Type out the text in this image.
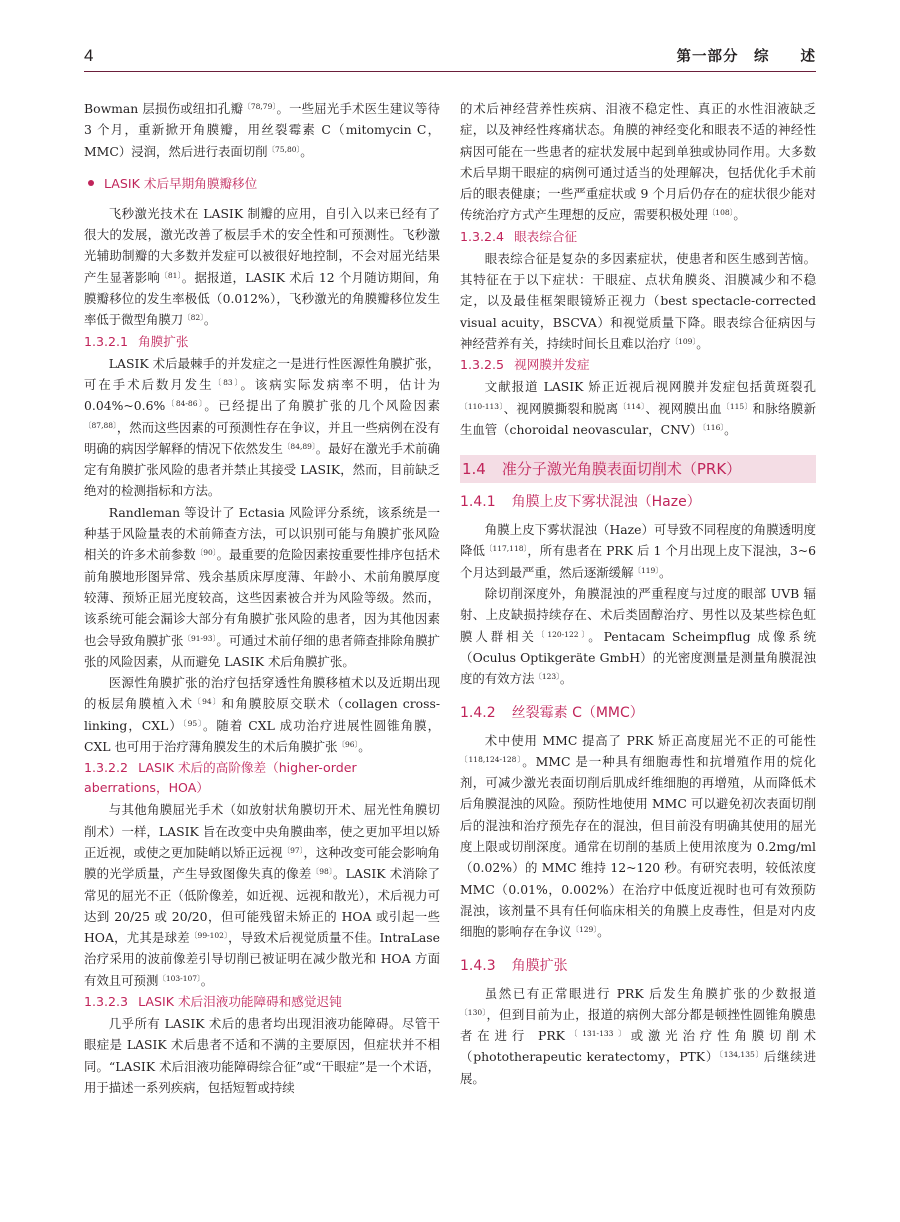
4	第一部分　综　　述

Bowman 层损伤或纽扣孔瓣$^{〔78,79〕}$。一些屈光手术医生建议等待 3 个月，重新掀开角膜瓣，用丝裂霉素 C（mitomycin C，MMC）浸润，然后进行表面切削$^{〔75,80〕}$。

LASIK 术后早期角膜瓣移位

飞秒激光技术在 LASIK 制瓣的应用，自引入以来已经有了很大的发展，激光改善了板层手术的安全性和可预测性。飞秒激光辅助制瓣的大多数并发症可以被很好地控制，不会对屈光结果产生显著影响$^{〔81〕}$。据报道，LASIK 术后 12 个月随访期间，角膜瓣移位的发生率极低（0.012%），飞秒激光的角膜瓣移位发生率低于微型角膜刀$^{〔82〕}$。

1.3.2.1 角膜扩张

LASIK 术后最棘手的并发症之一是进行性医源性角膜扩张，可在手术后数月发生$^{〔83〕}$。该病实际发病率不明，估计为 0.04%~0.6%$^{〔84-86〕}$。已经提出了角膜扩张的几个风险因素$^{〔87,88〕}$，然而这些因素的可预测性存在争议，并且一些病例在没有明确的病因学解释的情况下依然发生$^{〔84,89〕}$。最好在激光手术前确定有角膜扩张风险的患者并禁止其接受 LASIK，然而，目前缺乏绝对的检测指标和方法。

Randleman 等设计了 Ectasia 风险评分系统，该系统是一种基于风险量表的术前筛查方法，可以识别可能与角膜扩张风险相关的许多术前参数$^{〔90〕}$。最重要的危险因素按重要性排序包括术前角膜地形图异常、残余基质床厚度薄、年龄小、术前角膜厚度较薄、预矫正屈光度较高，这些因素被合并为风险等级。然而，该系统可能会漏诊大部分有角膜扩张风险的患者，因为其他因素也会导致角膜扩张$^{〔91-93〕}$。可通过术前仔细的患者筛查排除角膜扩张的风险因素，从而避免 LASIK 术后角膜扩张。

医源性角膜扩张的治疗包括穿透性角膜移植术以及近期出现的板层角膜植入术$^{〔94〕}$和角膜胶原交联术（collagen cross-linking，CXL）$^{〔95〕}$。随着 CXL 成功治疗进展性圆锥角膜，CXL 也可用于治疗薄角膜发生的术后角膜扩张$^{〔96〕}$。

1.3.2.2 LASIK 术后的高阶像差（higher-order aberrations，HOA）

与其他角膜屈光手术（如放射状角膜切开术、屈光性角膜切削术）一样，LASIK 旨在改变中央角膜曲率，使之更加平坦以矫正近视，或使之更加陡峭以矫正远视$^{〔97〕}$，这种改变可能会影响角膜的光学质量，产生导致图像失真的像差$^{〔98〕}$。LASIK 术消除了常见的屈光不正（低阶像差，如近视、远视和散光），术后视力可达到 20/25 或 20/20，但可能残留未矫正的 HOA 或引起一些 HOA，尤其是球差$^{〔99-102〕}$，导致术后视觉质量不佳。IntraLase 治疗采用的波前像差引导切削已被证明在减少散光和 HOA 方面有效且可预测$^{〔103-107〕}$。

1.3.2.3 LASIK 术后泪液功能障碍和感觉迟钝

几乎所有 LASIK 术后的患者均出现泪液功能障碍。尽管干眼症是 LASIK 术后患者不适和不满的主要原因，但症状并不相同。“LASIK 术后泪液功能障碍综合征”或“干眼症”是一个术语，用于描述一系列疾病，包括短暂或持续

的术后神经营养性疾病、泪液不稳定性、真正的水性泪液缺乏症，以及神经性疼痛状态。角膜的神经变化和眼表不适的神经性病因可能在一些患者的症状发展中起到单独或协同作用。大多数术后早期干眼症的病例可通过适当的处理解决，包括优化手术前后的眼表健康；一些严重症状或 9 个月后仍存在的症状很少能对传统治疗方式产生理想的反应，需要积极处理$^{〔108〕}$。

1.3.2.4 眼表综合征

眼表综合征是复杂的多因素症状，使患者和医生感到苦恼。其特征在于以下症状：干眼症、点状角膜炎、泪膜减少和不稳定，以及最佳框架眼镜矫正视力（best spectacle-corrected visual acuity，BSCVA）和视觉质量下降。眼表综合征病因与神经营养有关，持续时间长且难以治疗$^{〔109〕}$。

1.3.2.5 视网膜并发症

文献报道 LASIK 矫正近视后视网膜并发症包括黄斑裂孔$^{〔110-113〕}$、视网膜撕裂和脱离$^{〔114〕}$、视网膜出血$^{〔115〕}$和脉络膜新生血管（choroidal neovascular，CNV）$^{〔116〕}$。

1.4 准分子激光角膜表面切削术（PRK）
1.4.1 角膜上皮下雾状混浊（Haze）

角膜上皮下雾状混浊（Haze）可导致不同程度的角膜透明度降低$^{〔117,118〕}$，所有患者在 PRK 后 1 个月出现上皮下混浊，3~6 个月达到最严重，然后逐渐缓解$^{〔119〕}$。

除切削深度外，角膜混浊的严重程度与过度的眼部 UVB 辐射、上皮缺损持续存在、术后类固醇治疗、男性以及某些棕色虹膜人群相关$^{〔120-122〕}$。Pentacam Scheimpflug 成像系统（Oculus Optikgeräte GmbH）的光密度测量是测量角膜混浊度的有效方法$^{〔123〕}$。

1.4.2 丝裂霉素 C（MMC）

术中使用 MMC 提高了 PRK 矫正高度屈光不正的可能性$^{〔118,124-128〕}$。MMC 是一种具有细胞毒性和抗增殖作用的烷化剂，可减少激光表面切削后肌成纤维细胞的再增殖，从而降低术后角膜混浊的风险。预防性地使用 MMC 可以避免初次表面切削后的混浊和治疗预先存在的混浊，但目前没有明确其使用的屈光度上限或切削深度。通常在切削的基质上使用浓度为 0.2mg/ml（0.02%）的 MMC 维持 12~120 秒。有研究表明，较低浓度 MMC（0.01%，0.002%）在治疗中低度近视时也可有效预防混浊，该剂量不具有任何临床相关的角膜上皮毒性，但是对内皮细胞的影响存在争议$^{〔129〕}$。

1.4.3 角膜扩张

虽然已有正常眼进行 PRK 后发生角膜扩张的少数报道$^{〔130〕}$，但到目前为止，报道的病例大部分都是顿挫性圆锥角膜患者在进行 $PRK^{〔131-133〕}$或激光治疗性角膜切削术（phototherapeutic keratectomy，PTK）$^{〔134,135〕}$后继续进展。
